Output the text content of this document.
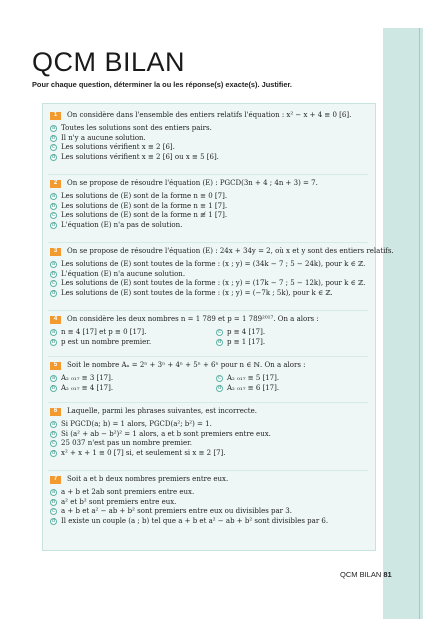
QCM BILAN
Pour chaque question, déterminer la ou les réponse(s) exacte(s). Justifier.
1	On considère dans l'ensemble des entiers relatifs l'équation : x² − x + 4 ≡ 0 [6].
a Toutes les solutions sont des entiers pairs.
b Il n'y a aucune solution.
c Les solutions vérifient x ≡ 2 [6].
d Les solutions vérifient x ≡ 2 [6] ou x ≡ 5 [6].
2	On se propose de résoudre l'équation (E) : PGCD(3n + 4 ; 4n + 3) = 7.
a Les solutions de (E) sont de la forme n ≡ 0 [7].
b Les solutions de (E) sont de la forme n ≡ 1 [7].
c Les solutions de (E) sont de la forme n ≢ 1 [7].
d L'équation (E) n'a pas de solution.
3	On se propose de résoudre l'équation (E) : 24x + 34y = 2, où x et y sont des entiers relatifs.
a Les solutions de (E) sont toutes de la forme : (x ; y) = (34k − 7 ; 5 − 24k), pour k ∈ ℤ.
b L'équation (E) n'a aucune solution.
c Les solutions de (E) sont toutes de la forme : (x ; y) = (17k − 7 ; 5 − 12k), pour k ∈ ℤ.
d Les solutions de (E) sont toutes de la forme : (x ; y) = (−7k ; 5k), pour k ∈ ℤ.
4	On considère les deux nombres n = 1 789 et p = 1 789²⁰¹⁷. On a alors :
a n ≡ 4 [17] et p ≡ 0 [17].	c p ≡ 4 [17].
b p est un nombre premier.	d p ≡ 1 [17].
5	Soit le nombre Aₙ = 2ⁿ + 3ⁿ + 4ⁿ + 5ⁿ + 6ⁿ pour n ∈ ℕ. On a alors :
a A₂ ₀₁₇ ≡ 3 [17].	c A₂ ₀₁₇ ≡ 5 [17].
b A₂ ₀₁₇ ≡ 4 [17].	d A₂ ₀₁₇ ≡ 6 [17].
6	Laquelle, parmi les phrases suivantes, est incorrecte.
a Si PGCD(a; b) = 1 alors, PGCD(a²; b²) = 1.
b Si (a² + ab − b²)² = 1 alors, a et b sont premiers entre eux.
c 25 037 n'est pas un nombre premier.
d x² + x + 1 ≡ 0 [7] si, et seulement si x ≡ 2 [7].
7	Soit a et b deux nombres premiers entre eux.
a a + b et 2ab sont premiers entre eux.
b a² et b² sont premiers entre eux.
c a + b et a² − ab + b² sont premiers entre eux ou divisibles par 3.
d Il existe un couple (a ; b) tel que a + b et a² − ab + b² sont divisibles par 6.
QCM BILAN 81
